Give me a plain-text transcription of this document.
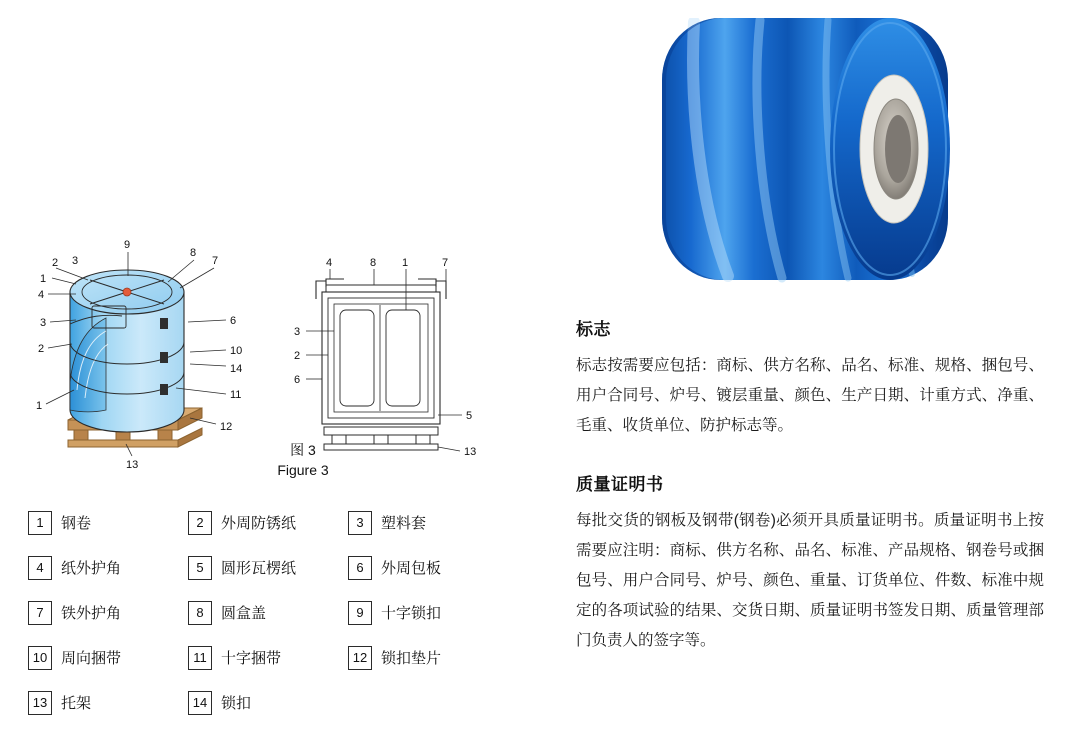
1
2 3
4
3
2
1
9
8
7
6
10
14
11
12
13
4	8 1	7
3
2
6
5
13
图 3
Figure 3
1	钢卷	2	外周防锈纸	3	塑料套
4	纸外护角	5	圆形瓦楞纸	6	外周包板
7	铁外护角	8	圆盒盖	9	十字锁扣
10 周向捆带	11 十字捆带	12 锁扣垫片
13 托架	14 锁扣
标志

标志按需要应包括：商标、供方名称、品名、标准、规格、捆包号、用户合同号、炉号、镀层重量、颜色、生产日期、计重方式、净重、毛重、收货单位、防护标志等。

质量证明书

每批交货的钢板及钢带(钢卷)必须开具质量证明书。质量证明书上按需要应注明：商标、供方名称、品名、标准、产品规格、钢卷号或捆包号、用户合同号、炉号、颜色、重量、订货单位、件数、标准中规定的各项试验的结果、交货日期、质量证明书签发日期、质量管理部门负责人的签字等。
